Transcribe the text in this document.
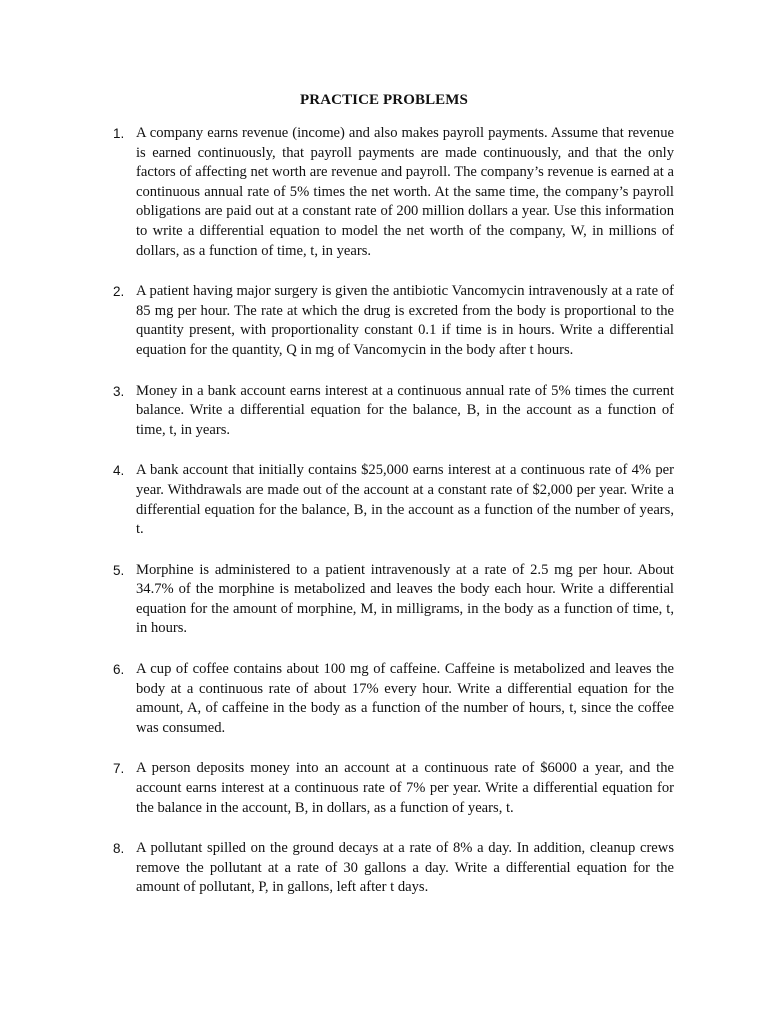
PRACTICE PROBLEMS
1. A company earns revenue (income) and also makes payroll payments. Assume that revenue is earned continuously, that payroll payments are made continuously, and that the only factors of affecting net worth are revenue and payroll. The company’s revenue is earned at a continuous annual rate of 5% times the net worth. At the same time, the company’s payroll obligations are paid out at a constant rate of 200 million dollars a year. Use this information to write a differential equation to model the net worth of the company, W, in millions of dollars, as a function of time, t, in years.
2. A patient having major surgery is given the antibiotic Vancomycin intravenously at a rate of 85 mg per hour. The rate at which the drug is excreted from the body is proportional to the quantity present, with proportionality constant 0.1 if time is in hours. Write a differential equation for the quantity, Q in mg of Vancomycin in the body after t hours.
3. Money in a bank account earns interest at a continuous annual rate of 5% times the current balance. Write a differential equation for the balance, B, in the account as a function of time, t, in years.
4. A bank account that initially contains $25,000 earns interest at a continuous rate of 4% per year. Withdrawals are made out of the account at a constant rate of $2,000 per year. Write a differential equation for the balance, B, in the account as a function of the number of years, t.
5. Morphine is administered to a patient intravenously at a rate of 2.5 mg per hour. About 34.7% of the morphine is metabolized and leaves the body each hour. Write a differential equation for the amount of morphine, M, in milligrams, in the body as a function of time, t, in hours.
6. A cup of coffee contains about 100 mg of caffeine. Caffeine is metabolized and leaves the body at a continuous rate of about 17% every hour. Write a differential equation for the amount, A, of caffeine in the body as a function of the number of hours, t, since the coffee was consumed.
7. A person deposits money into an account at a continuous rate of $6000 a year, and the account earns interest at a continuous rate of 7% per year. Write a differential equation for the balance in the account, B, in dollars, as a function of years, t.
8. A pollutant spilled on the ground decays at a rate of 8% a day. In addition, cleanup crews remove the pollutant at a rate of 30 gallons a day. Write a differential equation for the amount of pollutant, P, in gallons, left after t days.
